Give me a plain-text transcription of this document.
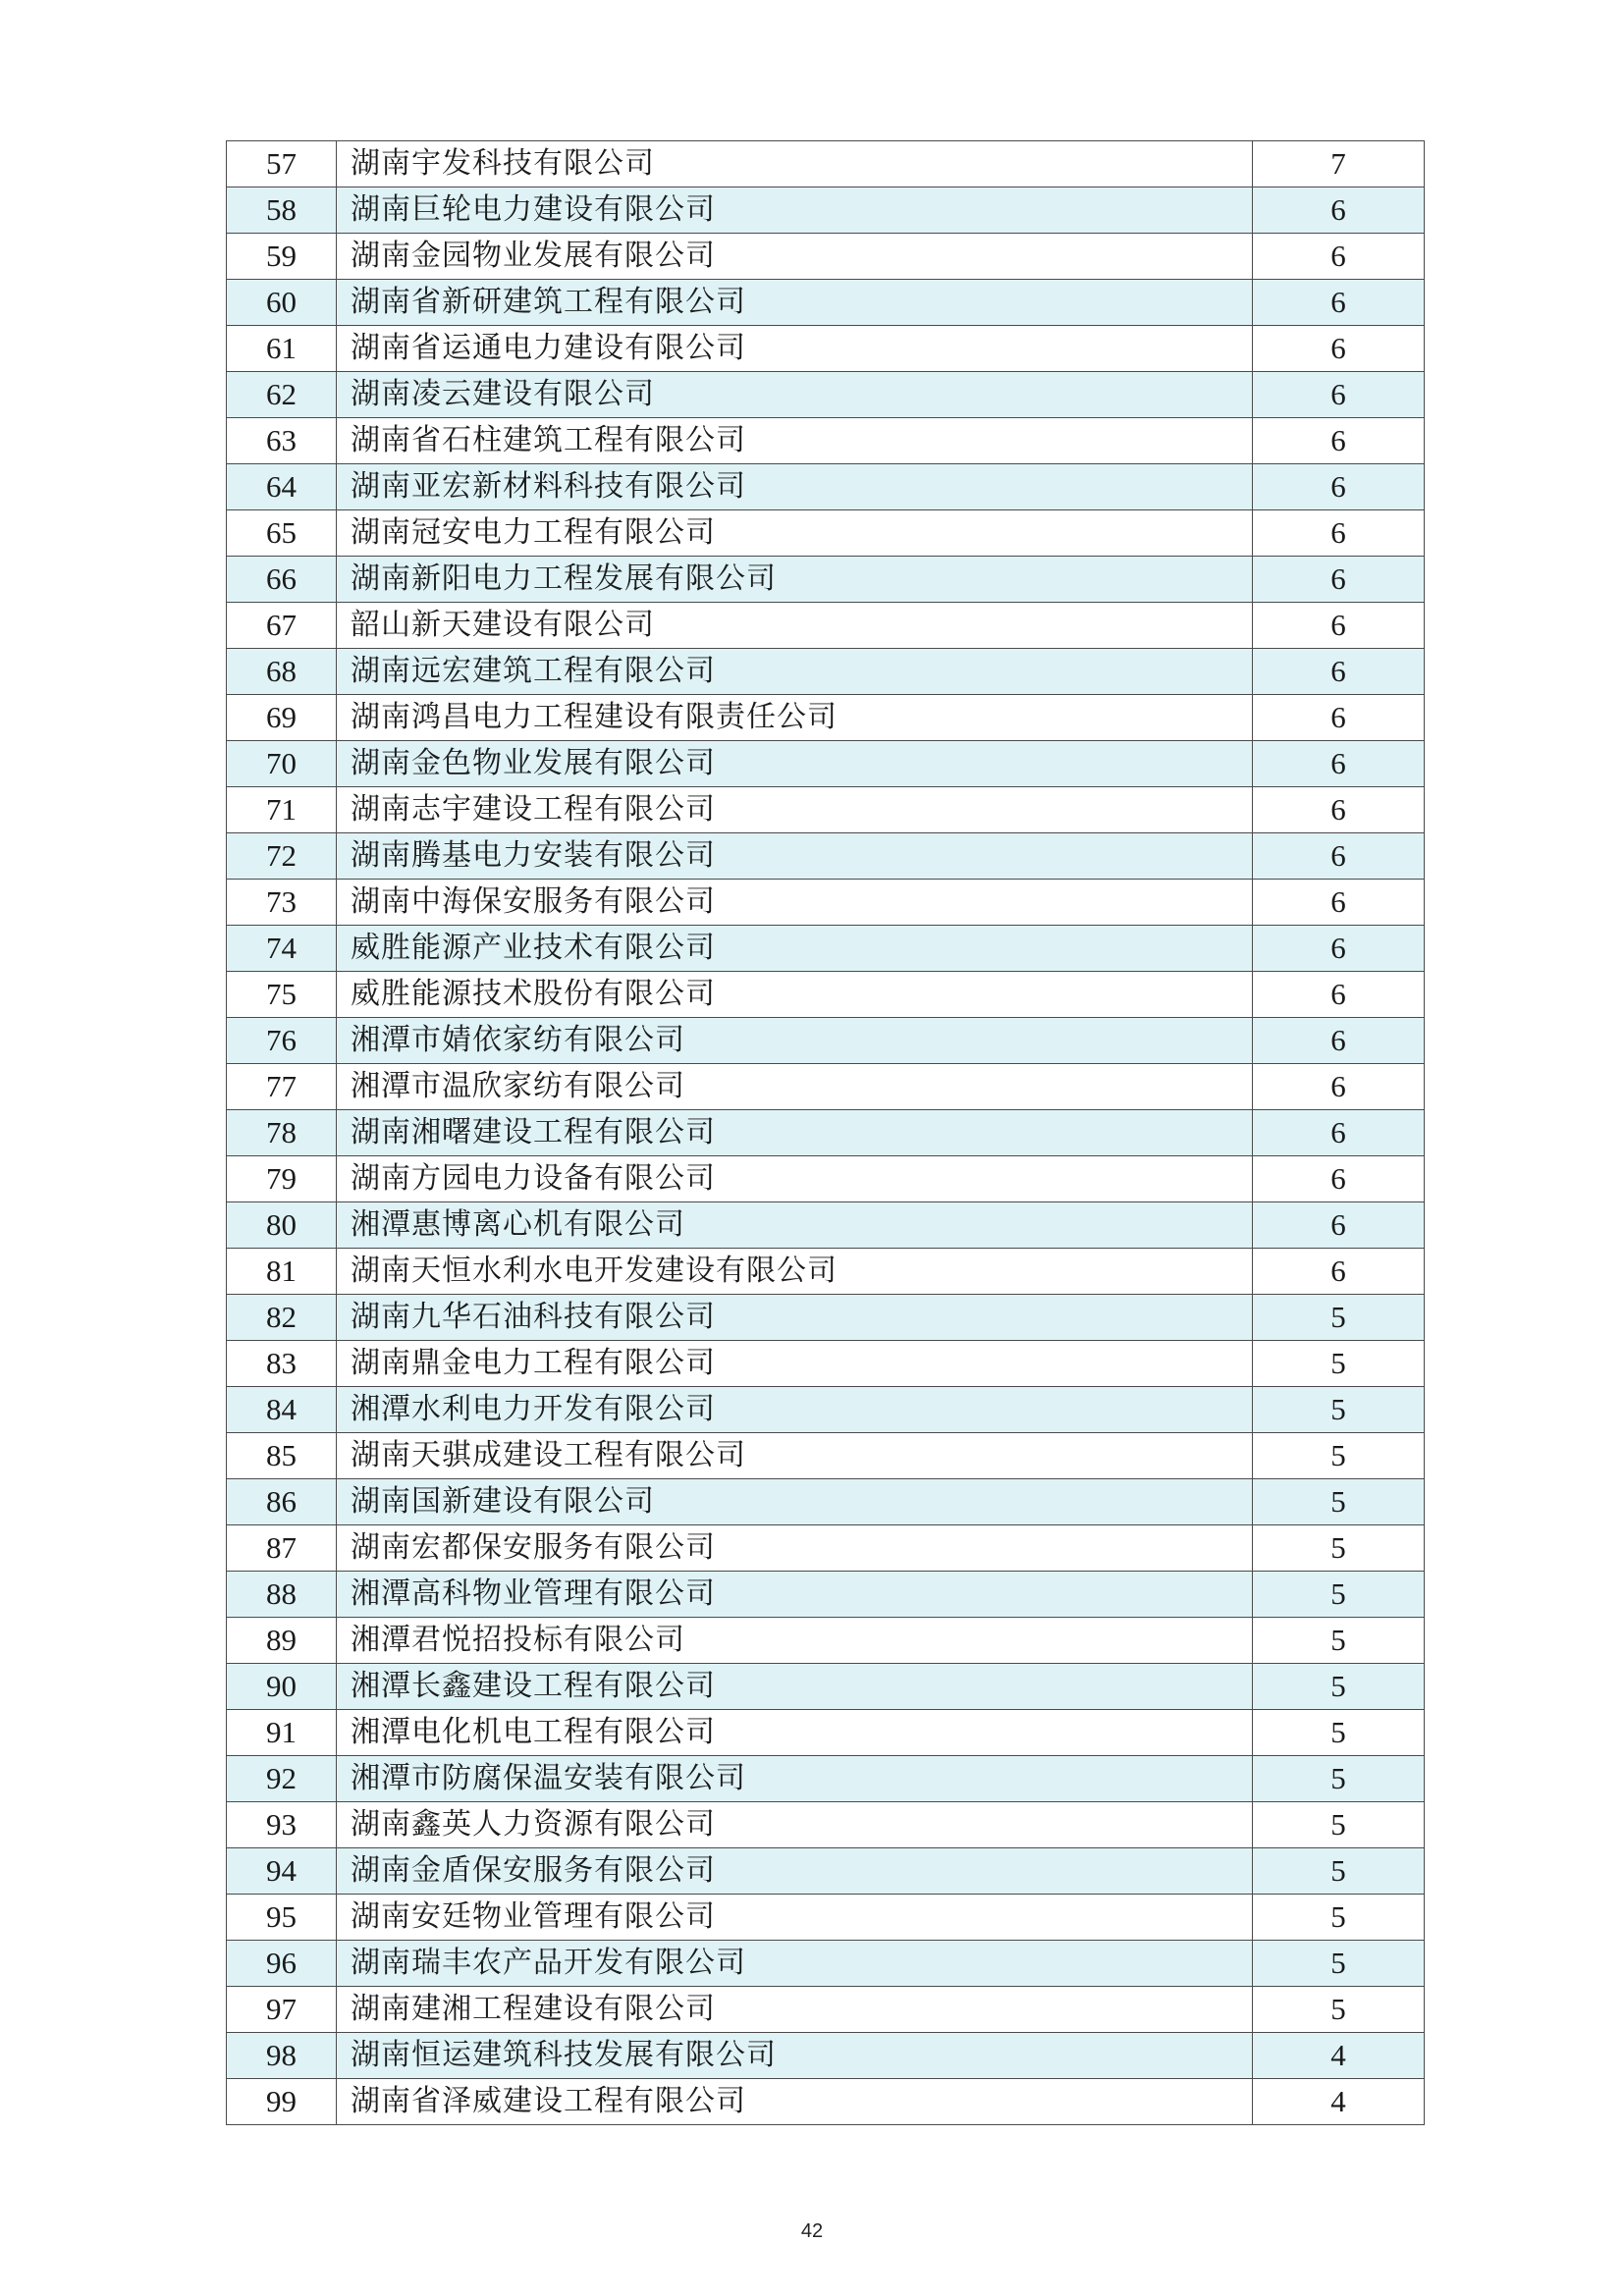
57	湖南宇发科技有限公司	7
58	湖南巨轮电力建设有限公司	6
59	湖南金园物业发展有限公司	6
60	湖南省新研建筑工程有限公司	6
61	湖南省运通电力建设有限公司	6
62	湖南凌云建设有限公司	6
63	湖南省石柱建筑工程有限公司	6
64	湖南亚宏新材料科技有限公司	6
65	湖南冠安电力工程有限公司	6
66	湖南新阳电力工程发展有限公司	6
67	韶山新天建设有限公司	6
68	湖南远宏建筑工程有限公司	6
69	湖南鸿昌电力工程建设有限责任公司	6
70	湖南金色物业发展有限公司	6
71	湖南志宇建设工程有限公司	6
72	湖南腾基电力安装有限公司	6
73	湖南中海保安服务有限公司	6
74	威胜能源产业技术有限公司	6
75	威胜能源技术股份有限公司	6
76	湘潭市婧依家纺有限公司	6
77	湘潭市温欣家纺有限公司	6
78	湖南湘曙建设工程有限公司	6
79	湖南方园电力设备有限公司	6
80	湘潭惠博离心机有限公司	6
81	湖南天恒水利水电开发建设有限公司	6
82	湖南九华石油科技有限公司	5
83	湖南鼎金电力工程有限公司	5
84	湘潭水利电力开发有限公司	5
85	湖南天骐成建设工程有限公司	5
86	湖南国新建设有限公司	5
87	湖南宏都保安服务有限公司	5
88	湘潭高科物业管理有限公司	5
89	湘潭君悦招投标有限公司	5
90	湘潭长鑫建设工程有限公司	5
91	湘潭电化机电工程有限公司	5
92	湘潭市防腐保温安装有限公司	5
93	湖南鑫英人力资源有限公司	5
94	湖南金盾保安服务有限公司	5
95	湖南安廷物业管理有限公司	5
96	湖南瑞丰农产品开发有限公司	5
97	湖南建湘工程建设有限公司	5
98	湖南恒运建筑科技发展有限公司	4
99	湖南省泽威建设工程有限公司	4
42
